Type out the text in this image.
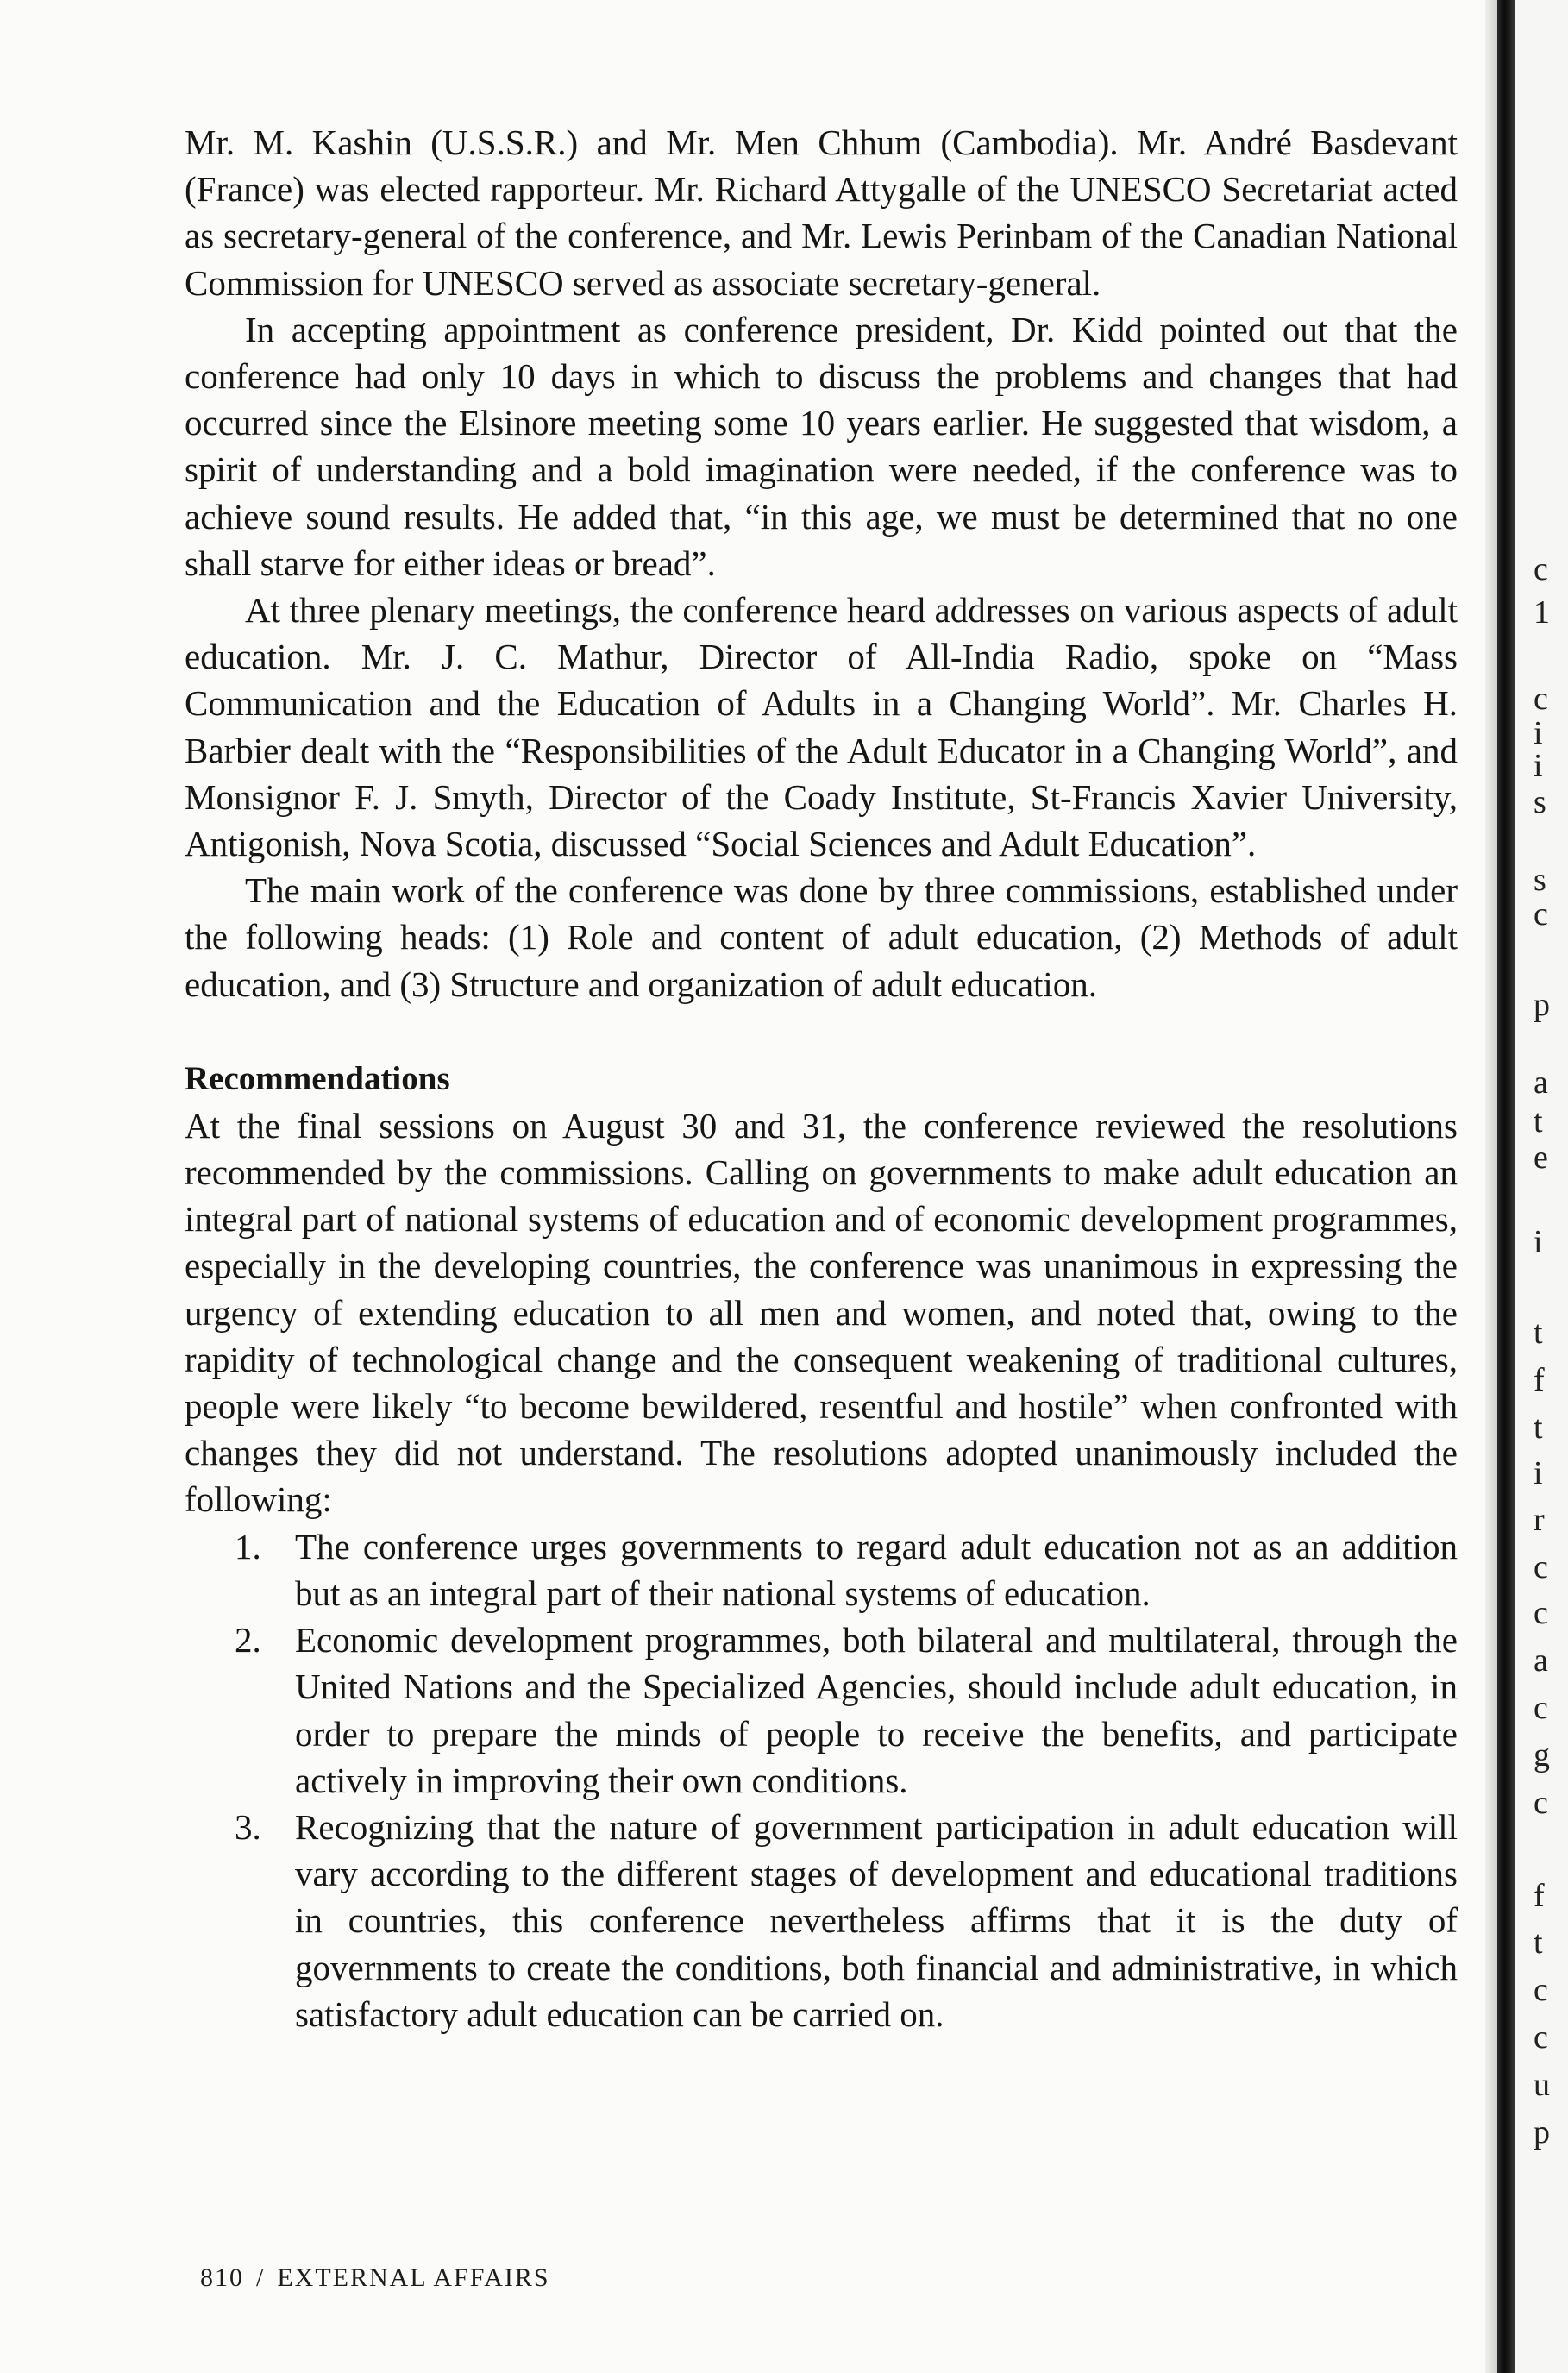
Mr. M. Kashin (U.S.S.R.) and Mr. Men Chhum (Cambodia). Mr. André Basdevant (France) was elected rapporteur. Mr. Richard Attygalle of the UNESCO Secretariat acted as secretary-general of the conference, and Mr. Lewis Perinbam of the Canadian National Commission for UNESCO served as associate secretary-general.

In accepting appointment as conference president, Dr. Kidd pointed out that the conference had only 10 days in which to discuss the problems and changes that had occurred since the Elsinore meeting some 10 years earlier. He suggested that wisdom, a spirit of understanding and a bold imagination were needed, if the conference was to achieve sound results. He added that, “in this age, we must be determined that no one shall starve for either ideas or bread”.

At three plenary meetings, the conference heard addresses on various aspects of adult education. Mr. J. C. Mathur, Director of All-India Radio, spoke on “Mass Communication and the Education of Adults in a Changing World”. Mr. Charles H. Barbier dealt with the “Responsibilities of the Adult Educator in a Changing World”, and Monsignor F. J. Smyth, Director of the Coady Institute, St-Francis Xavier University, Antigonish, Nova Scotia, discussed “Social Sciences and Adult Education”.

The main work of the conference was done by three commissions, established under the following heads: (1) Role and content of adult education, (2) Methods of adult education, and (3) Structure and organization of adult education.

Recommendations

At the final sessions on August 30 and 31, the conference reviewed the resolutions recommended by the commissions. Calling on governments to make adult education an integral part of national systems of education and of economic development programmes, especially in the developing countries, the conference was unanimous in expressing the urgency of extending education to all men and women, and noted that, owing to the rapidity of technological change and the consequent weakening of traditional cultures, people were likely “to become bewildered, resentful and hostile” when confronted with changes they did not understand. The resolutions adopted unanimously included the following:

1. The conference urges governments to regard adult education not as an addition but as an integral part of their national systems of education.
2. Economic development programmes, both bilateral and multilateral, through the United Nations and the Specialized Agencies, should include adult education, in order to prepare the minds of people to receive the benefits, and participate actively in improving their own conditions.
3. Recognizing that the nature of government participation in adult education will vary according to the different stages of development and educational traditions in countries, this conference nevertheless affirms that it is the duty of governments to create the conditions, both financial and administrative, in which satisfactory adult education can be carried on.
810 / EXTERNAL AFFAIRS
c
1
c
i
i
s
s
c
p
a
t
e
i
t
f
t
i
r
c
c
a
c
g
c
f
t
c
c
u
p
